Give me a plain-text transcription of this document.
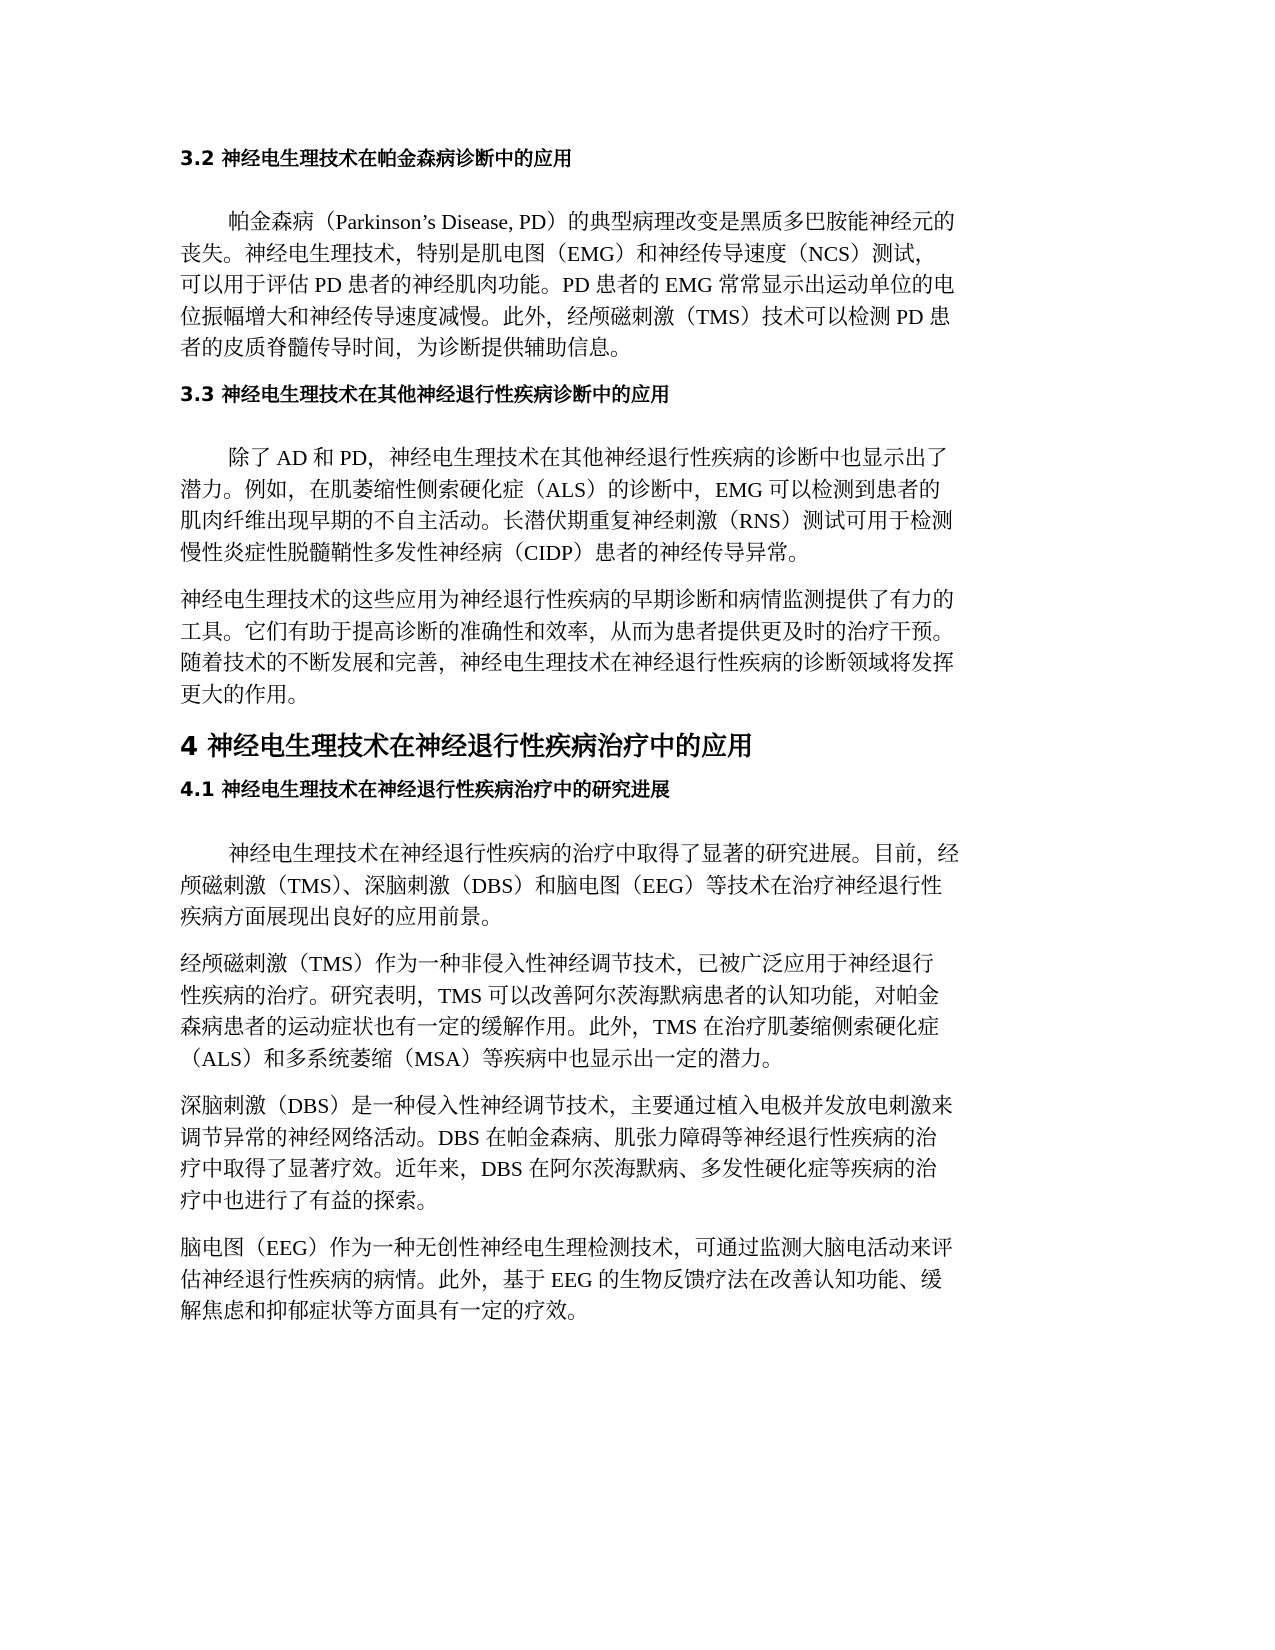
3.2 神经电生理技术在帕金森病诊断中的应用
帕金森病（Parkinson’s Disease, PD）的典型病理改变是黑质多巴胺能神经元的
丧失。神经电生理技术，特别是肌电图（EMG）和神经传导速度（NCS）测试，
可以用于评估 PD 患者的神经肌肉功能。PD 患者的 EMG 常常显示出运动单位的电
位振幅增大和神经传导速度减慢。此外，经颅磁刺激（TMS）技术可以检测 PD 患
者的皮质脊髓传导时间，为诊断提供辅助信息。
3.3 神经电生理技术在其他神经退行性疾病诊断中的应用
除了 AD 和 PD，神经电生理技术在其他神经退行性疾病的诊断中也显示出了
潜力。例如，在肌萎缩性侧索硬化症（ALS）的诊断中，EMG 可以检测到患者的
肌肉纤维出现早期的不自主活动。长潜伏期重复神经刺激（RNS）测试可用于检测
慢性炎症性脱髓鞘性多发性神经病（CIDP）患者的神经传导异常。
神经电生理技术的这些应用为神经退行性疾病的早期诊断和病情监测提供了有力的
工具。它们有助于提高诊断的准确性和效率，从而为患者提供更及时的治疗干预。
随着技术的不断发展和完善，神经电生理技术在神经退行性疾病的诊断领域将发挥
更大的作用。
4 神经电生理技术在神经退行性疾病治疗中的应用
4.1 神经电生理技术在神经退行性疾病治疗中的研究进展
神经电生理技术在神经退行性疾病的治疗中取得了显著的研究进展。目前，经
颅磁刺激（TMS）、深脑刺激（DBS）和脑电图（EEG）等技术在治疗神经退行性
疾病方面展现出良好的应用前景。
经颅磁刺激（TMS）作为一种非侵入性神经调节技术，已被广泛应用于神经退行
性疾病的治疗。研究表明，TMS 可以改善阿尔茨海默病患者的认知功能，对帕金
森病患者的运动症状也有一定的缓解作用。此外，TMS 在治疗肌萎缩侧索硬化症
（ALS）和多系统萎缩（MSA）等疾病中也显示出一定的潜力。
深脑刺激（DBS）是一种侵入性神经调节技术，主要通过植入电极并发放电刺激来
调节异常的神经网络活动。DBS 在帕金森病、肌张力障碍等神经退行性疾病的治
疗中取得了显著疗效。近年来，DBS 在阿尔茨海默病、多发性硬化症等疾病的治
疗中也进行了有益的探索。
脑电图（EEG）作为一种无创性神经电生理检测技术，可通过监测大脑电活动来评
估神经退行性疾病的病情。此外，基于 EEG 的生物反馈疗法在改善认知功能、缓
解焦虑和抑郁症状等方面具有一定的疗效。
